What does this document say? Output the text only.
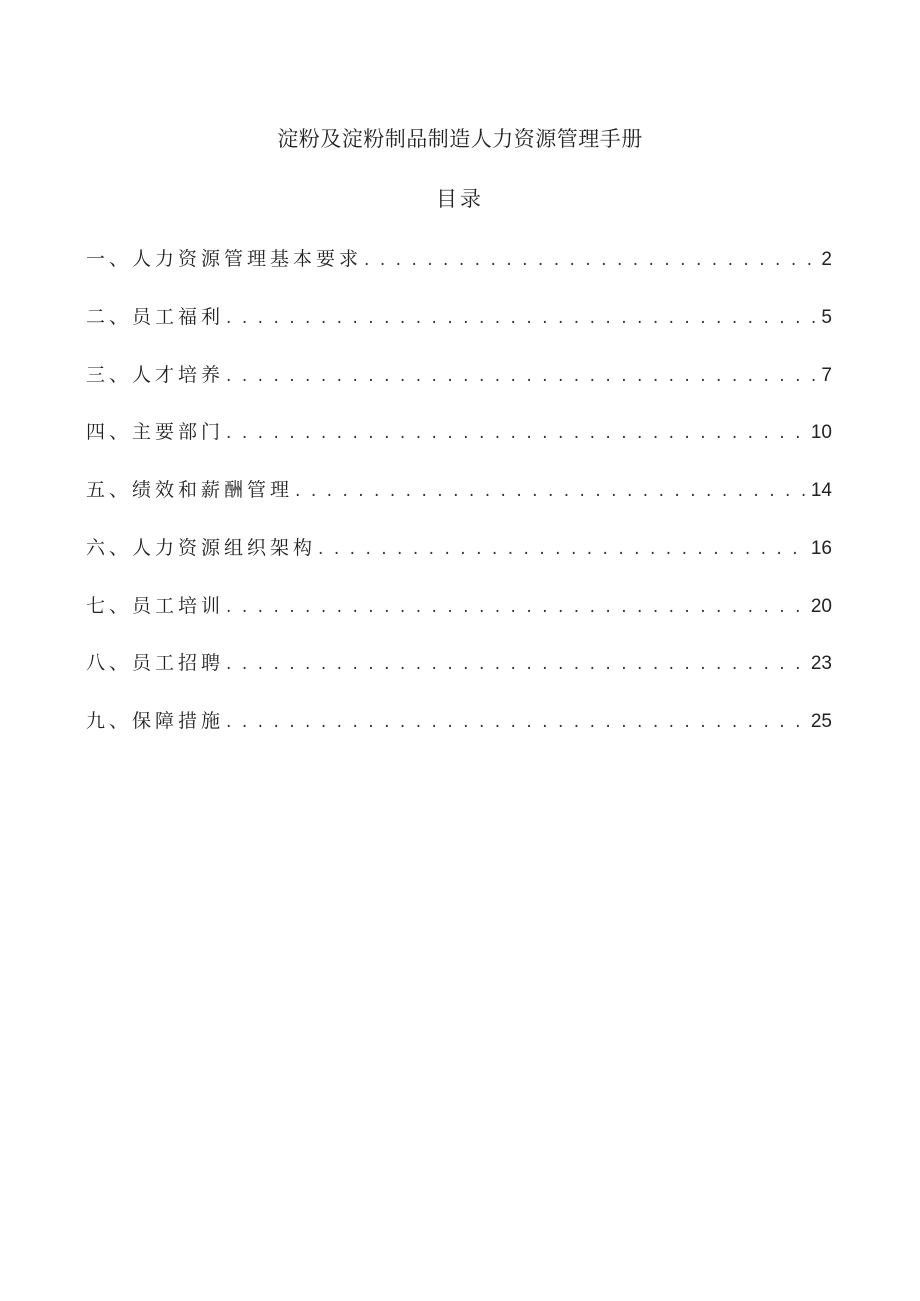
淀粉及淀粉制品制造人力资源管理手册
目录
一、人力资源管理基本要求 . . .	2
二、员工福利 . . .	5
三、人才培养 . . .	7
四、主要部门 . . .	10
五、绩效和薪酬管理 . . .	14
六、人力资源组织架构 . . .	16
七、员工培训 . . .	20
八、员工招聘 . . .	23
九、保障措施 . . .	25
